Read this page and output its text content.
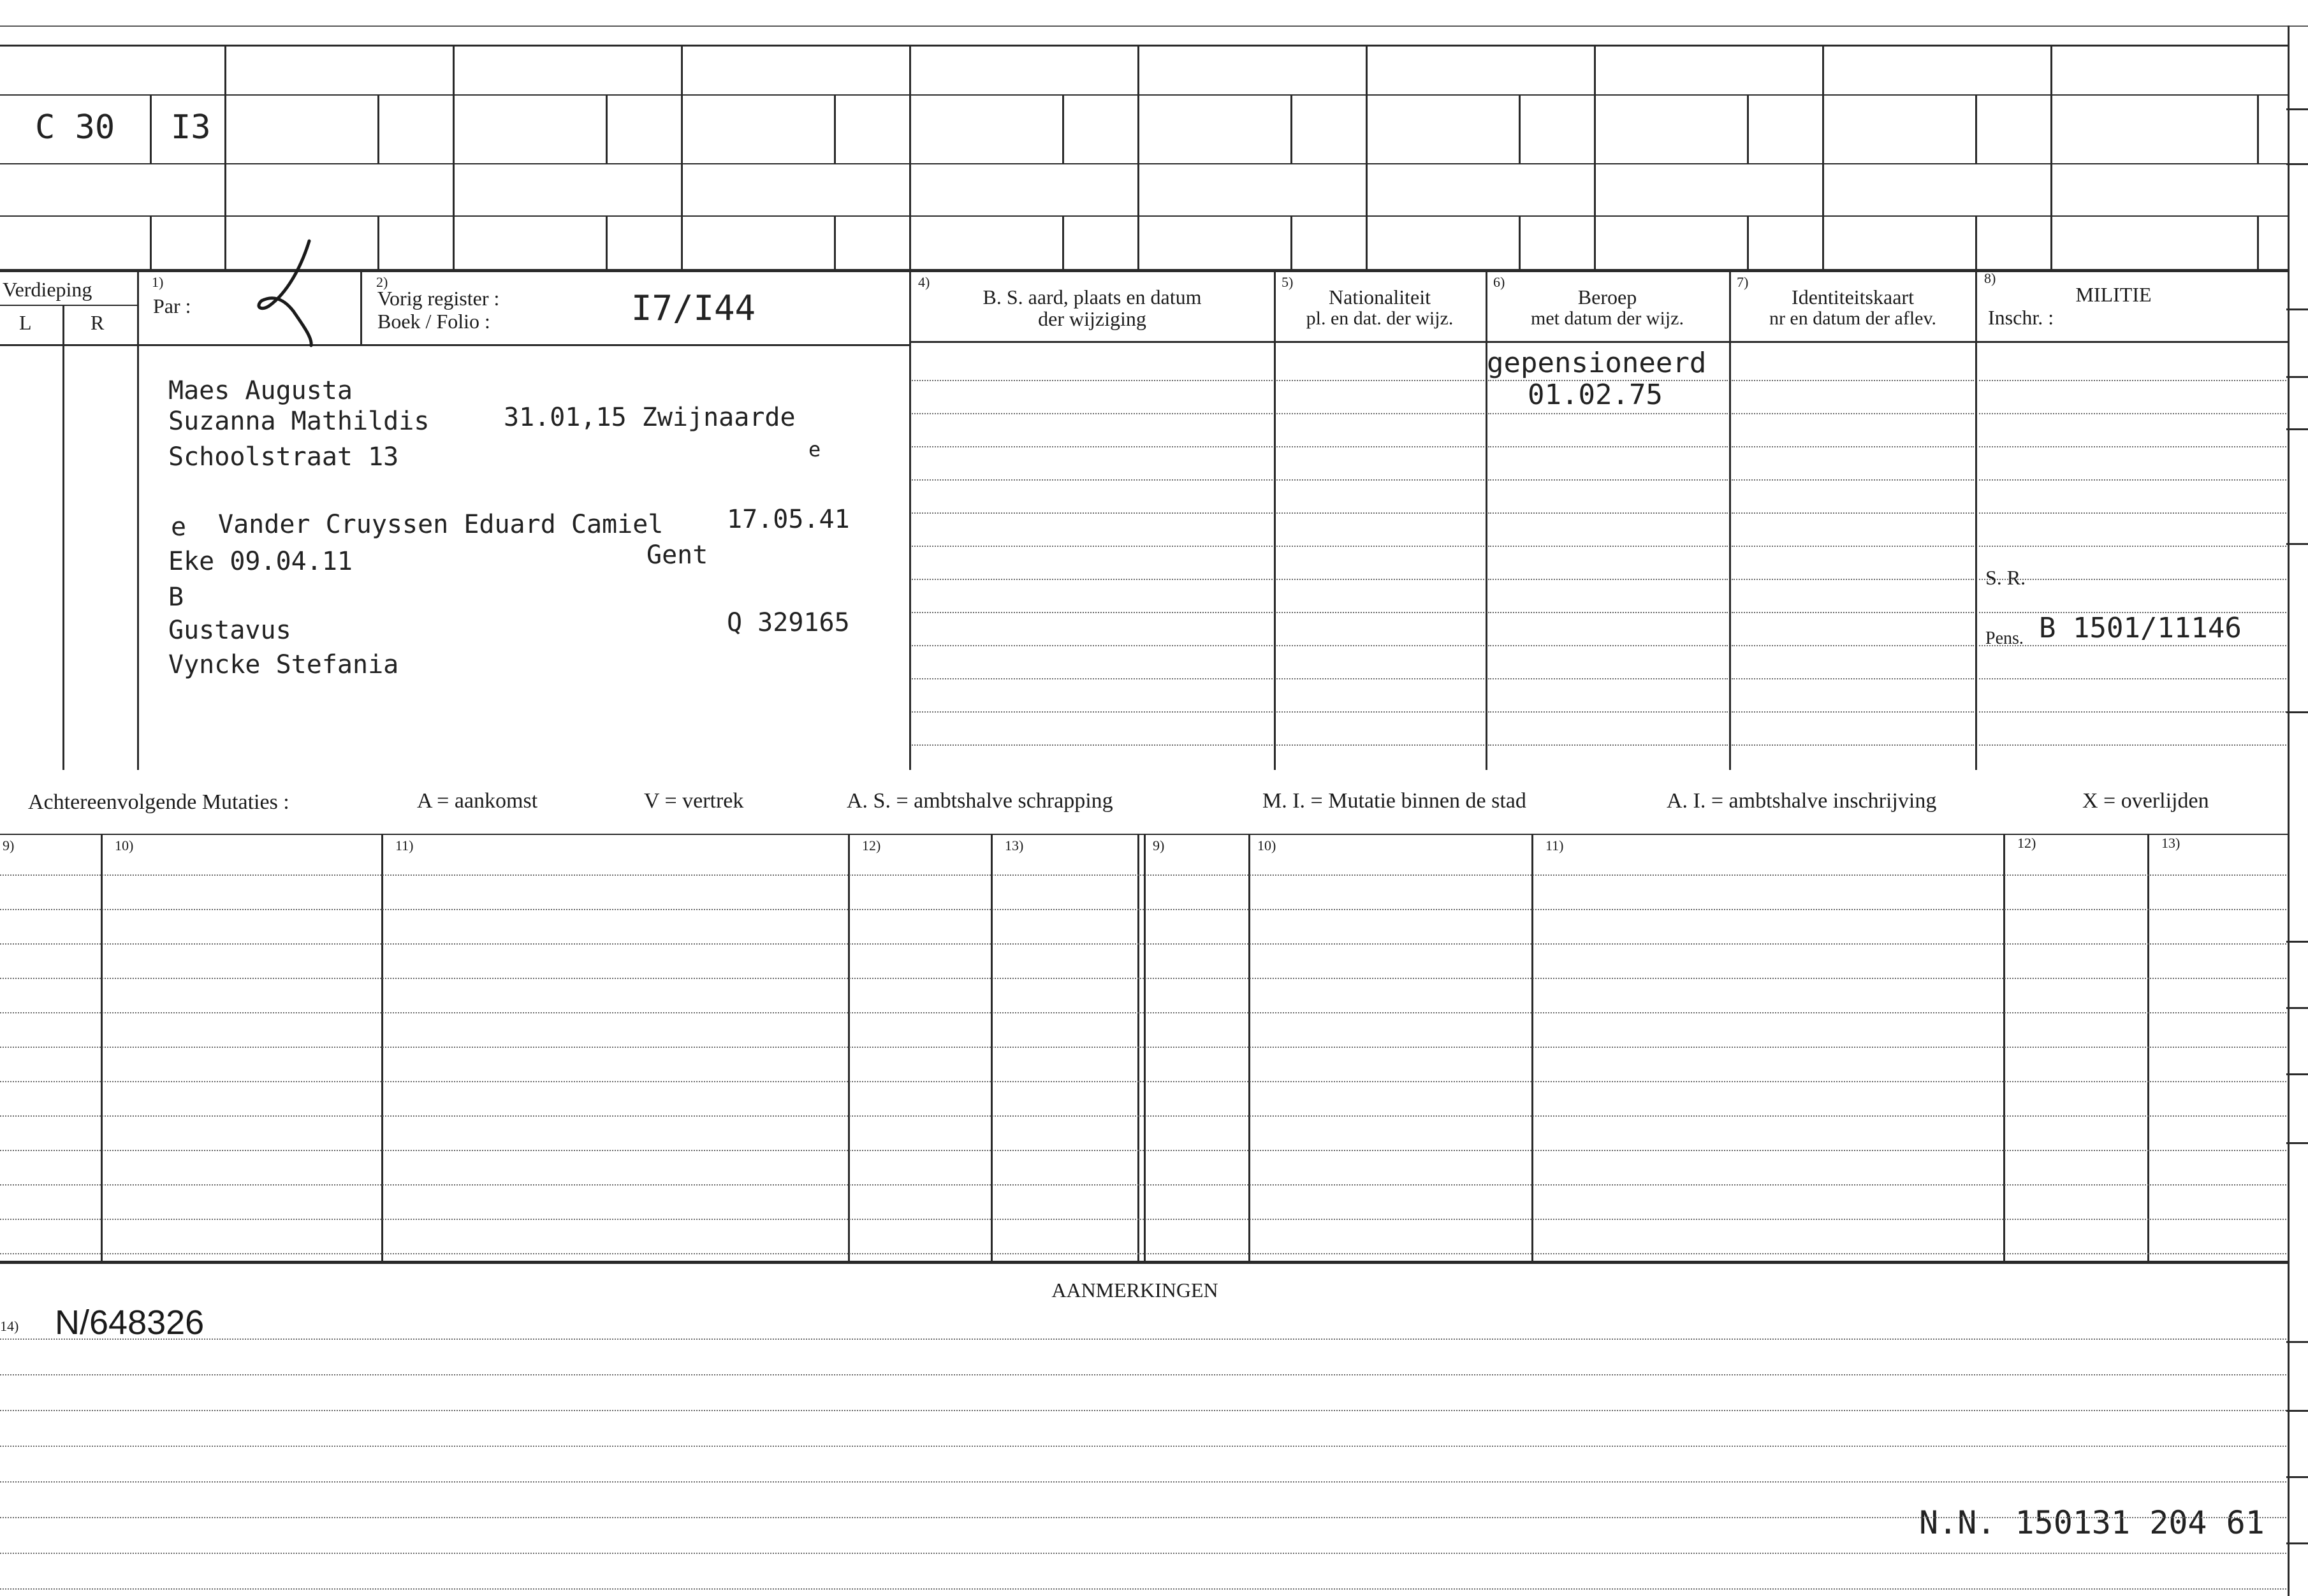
C 30 I3
Verdieping
L	R
1)
Par :
2)
Vorig register :
Boek / Folio :	I7/I44
4)
B. S. aard, plaats en datum
der wijziging
5)
Nationaliteit
pl. en dat. der wijz.
6)
Beroep
met datum der wijz.
7)
Identiteitskaart
nr en datum der aflev.
8)
MILITIE
Inschr. :
Maes Augusta
Suzanna Mathildis	31.01,15 Zwijnaarde
Schoolstraat 13	e
e Vander Cruyssen Eduard Camiel 17.05.41
Eke 09.04.11	Gent
B
Gustavus	Q 329165
Vyncke Stefania
gepensioneerd
01.02.75
S. R.
Pens. B 1501/11146
Achtereenvolgende Mutaties :	A = aankomst	V = vertrek	A. S. = ambtshalve schrapping	M. I. = Mutatie binnen de stad	A. I. = ambtshalve inschrijving	X = overlijden
9)	10)	11)	12)	13)	9)	10)	11)	12)	13)
AANMERKINGEN
14) N/648326
N.N. 150131 204 61
